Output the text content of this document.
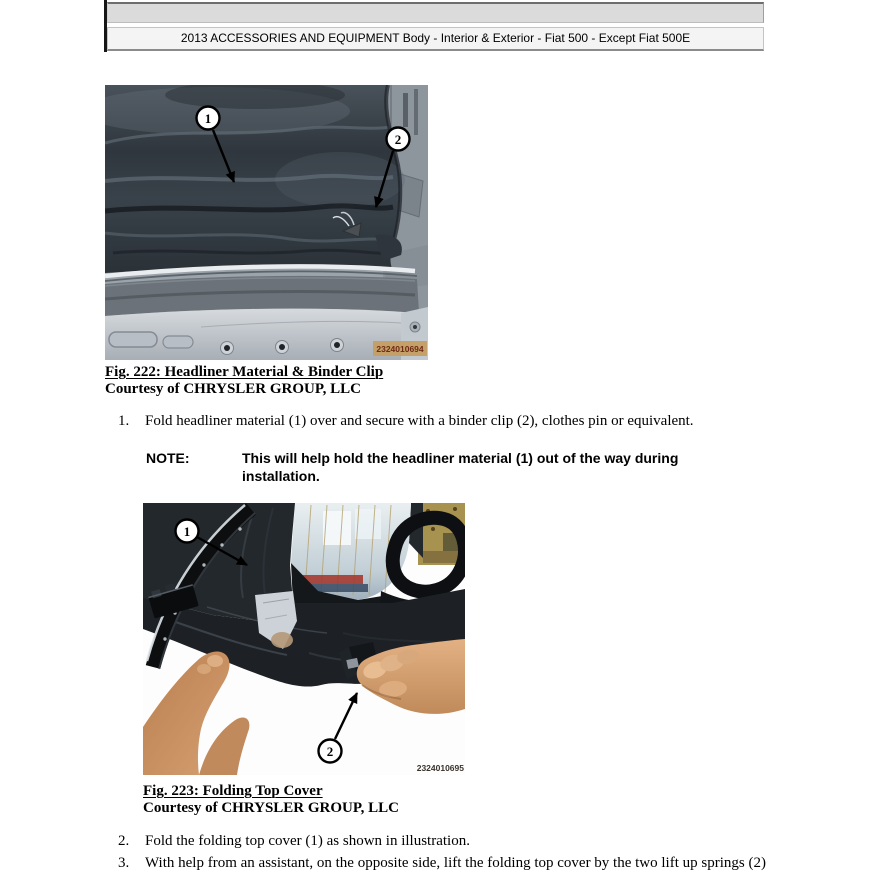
2013 ACCESSORIES AND EQUIPMENT Body - Interior & Exterior - Fiat 500 - Except Fiat 500E
2324010694
1
2
Fig. 222: Headliner Material & Binder Clip
Courtesy of CHRYSLER GROUP, LLC
1. Fold headliner material (1) over and secure with a binder clip (2), clothes pin or equivalent.
NOTE:	This will help hold the headliner material (1) out of the way during installation.
2324010695
1
2
Fig. 223: Folding Top Cover
Courtesy of CHRYSLER GROUP, LLC
2. Fold the folding top cover (1) as shown in illustration.
3. With help from an assistant, on the opposite side, lift the folding top cover by the two lift up springs (2)
